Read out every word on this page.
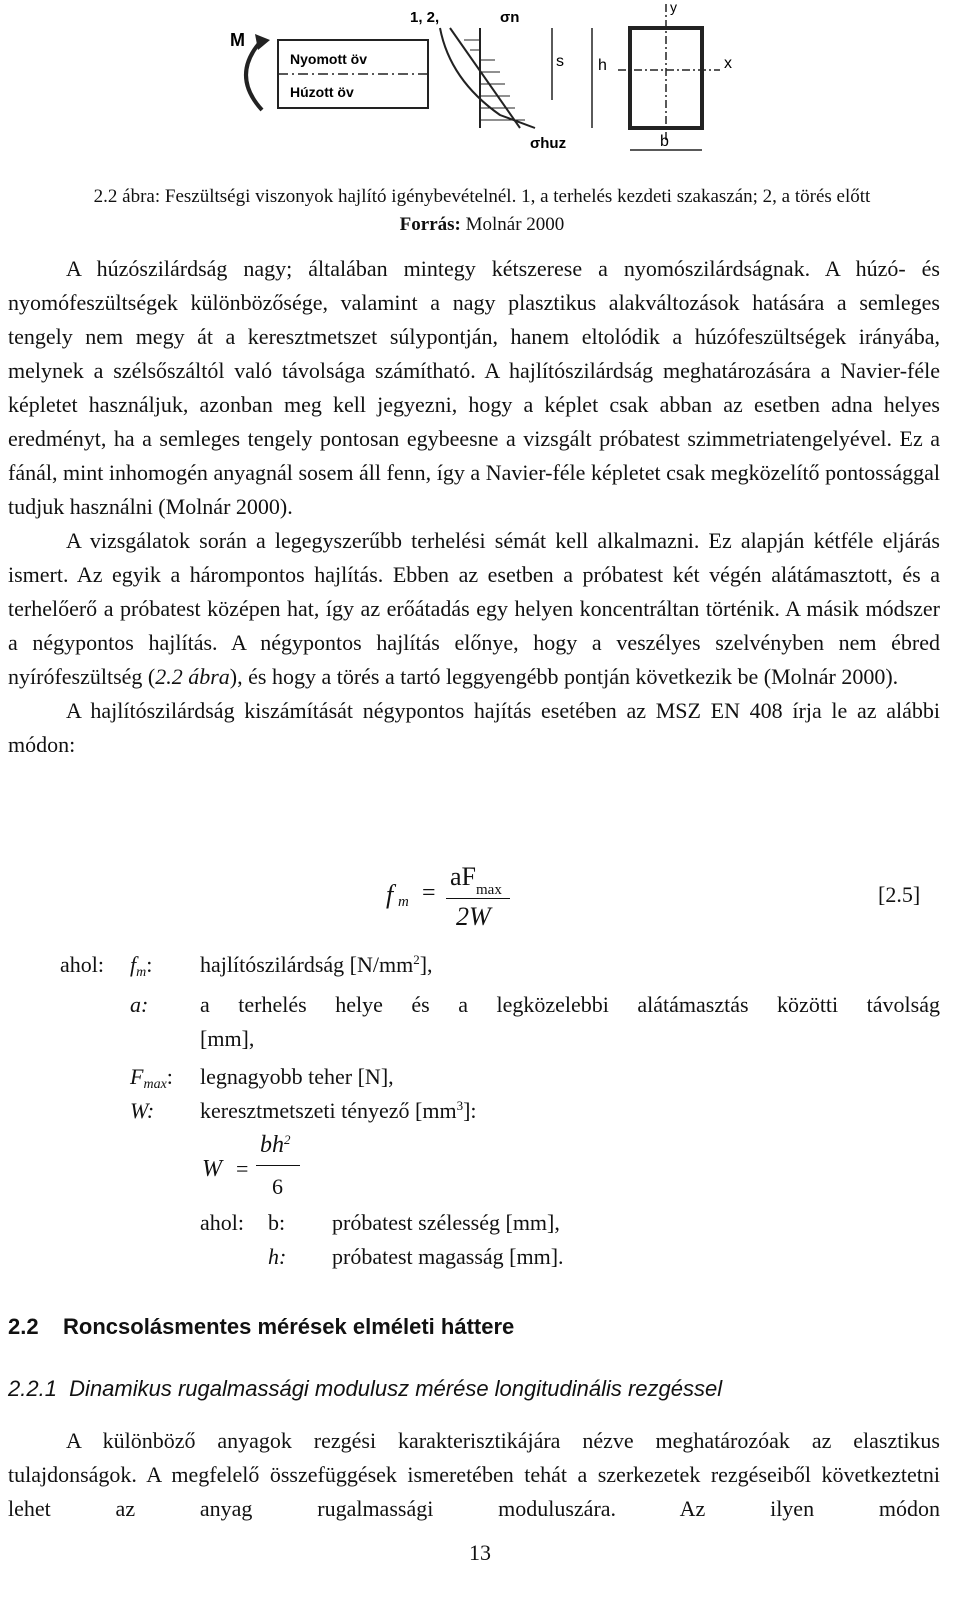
M
Nyomott öv
Húzott öv
1, 2,	σn
σhuz
s h
y
x
b
2.2 ábra: Feszültségi viszonyok hajlító igénybevételnél. 1, a terhelés kezdeti szakaszán; 2, a törés előtt
Forrás: Molnár 2000

A húzószilárdság nagy; általában mintegy kétszerese a nyomószilárdságnak. A húzó- és nyomófeszültségek különbözősége, valamint a nagy plasztikus alakváltozások hatására a semleges tengely nem megy át a keresztmetszet súlypontján, hanem eltolódik a húzófeszültségek irányába, melynek a szélsőszáltól való távolsága számítható. A hajlítószilárdság meghatározására a Navier-féle képletet használjuk, azonban meg kell jegyezni, hogy a képlet csak abban az esetben adna helyes eredményt, ha a semleges tengely pontosan egybeesne a vizsgált próbatest szimmetriatengelyével. Ez a fánál, mint inhomogén anyagnál sosem áll fenn, így a Navier-féle képletet csak megközelítő pontossággal tudjuk használni (Molnár 2000).

A vizsgálatok során a legegyszerűbb terhelési sémát kell alkalmazni. Ez alapján kétféle eljárás ismert. Az egyik a hárompontos hajlítás. Ebben az esetben a próbatest két végén alátámasztott, és a terhelőerő a próbatest középen hat, így az erőátadás egy helyen koncentráltan történik. A másik módszer a négypontos hajlítás. A négypontos hajlítás előnye, hogy a veszélyes szelvényben nem ébred nyírófeszültség (2.2 ábra), és hogy a törés a tartó leggyengébb pontján következik be (Molnár 2000).

A hajlítószilárdság kiszámítását négypontos hajítás esetében az MSZ EN 408 írja le az alábbi módon:

f m =
aF max
2W
[2.5]
ahol: $f_m$: hajlítószilárdság $[N/mm^2]$,
a: a terhelés helye és a legközelebbi alátámasztás közötti távolság
[mm],
$F_{max}$: legnagyobb teher [N],
W: keresztmetszeti tényező $[mm^3]$:
W =
$bh^2$
6
ahol: b: próbatest szélesség [mm],
h: próbatest magasság [mm].
2.2 Roncsolásmentes mérések elméleti háttere
2.2.1 Dinamikus rugalmassági modulusz mérése longitudinális rezgéssel

A különböző anyagok rezgési karakterisztikájára nézve meghatározóak az elasztikus tulajdonságok. A megfelelő összefüggések ismeretében tehát a szerkezetek rezgéseiből következtetni lehet az anyag rugalmassági moduluszára. Az ilyen módon

13
